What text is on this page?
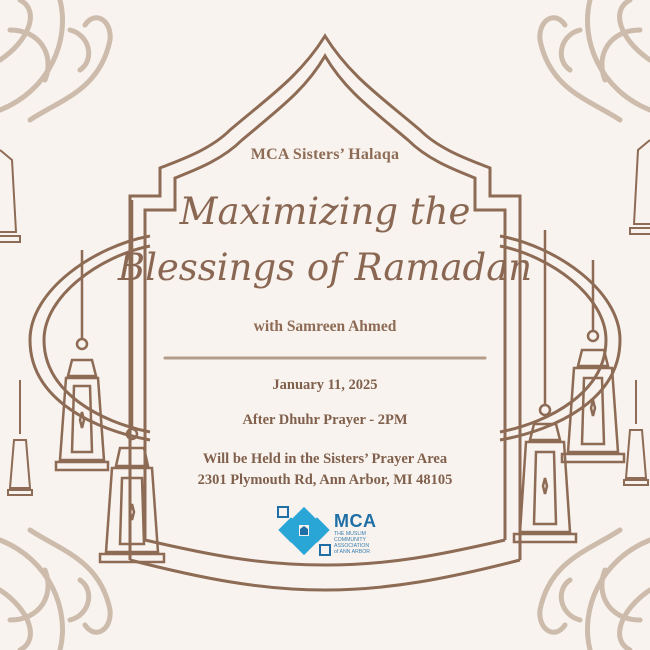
MCA Sisters’ Halaqa

Maximizing the
Blessings of Ramadan

with Samreen Ahmed

January 11, 2025

After Dhuhr Prayer - 2PM

Will be Held in the Sisters’ Prayer Area

2301 Plymouth Rd, Ann Arbor, MI 48105

MCA
THE MUSLIM
COMMUNITY
ASSOCIATION
of ANN ARBOR
